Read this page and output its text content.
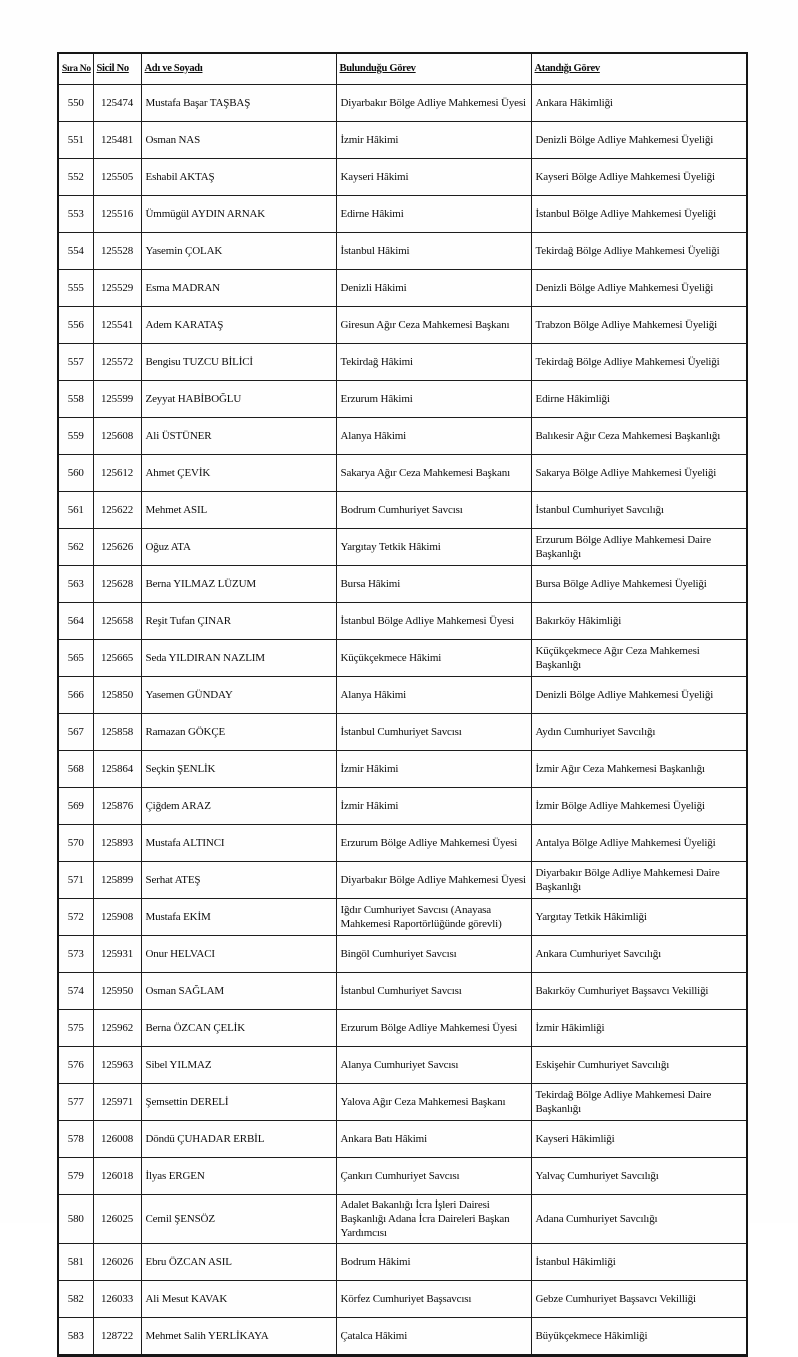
Sıra No	Sicil No	Adı ve Soyadı	Bulunduğu Görev	Atandığı Görev
550	125474	Mustafa Başar TAŞBAŞ	Diyarbakır Bölge Adliye Mahkemesi Üyesi	Ankara Hâkimliği
551	125481	Osman NAS	İzmir Hâkimi	Denizli Bölge Adliye Mahkemesi Üyeliği
552	125505	Eshabil AKTAŞ	Kayseri Hâkimi	Kayseri Bölge Adliye Mahkemesi Üyeliği
553	125516	Ümmügül AYDIN ARNAK	Edirne Hâkimi	İstanbul Bölge Adliye Mahkemesi Üyeliği
554	125528	Yasemin ÇOLAK	İstanbul Hâkimi	Tekirdağ Bölge Adliye Mahkemesi Üyeliği
555	125529	Esma MADRAN	Denizli Hâkimi	Denizli Bölge Adliye Mahkemesi Üyeliği
556	125541	Adem KARATAŞ	Giresun Ağır Ceza Mahkemesi Başkanı	Trabzon Bölge Adliye Mahkemesi Üyeliği
557	125572	Bengisu TUZCU BİLİCİ	Tekirdağ Hâkimi	Tekirdağ Bölge Adliye Mahkemesi Üyeliği
558	125599	Zeyyat HABİBOĞLU	Erzurum Hâkimi	Edirne Hâkimliği
559	125608	Ali ÜSTÜNER	Alanya Hâkimi	Balıkesir Ağır Ceza Mahkemesi Başkanlığı
560	125612	Ahmet ÇEVİK	Sakarya Ağır Ceza Mahkemesi Başkanı	Sakarya Bölge Adliye Mahkemesi Üyeliği
561	125622	Mehmet ASIL	Bodrum Cumhuriyet Savcısı	İstanbul Cumhuriyet Savcılığı
562	125626	Oğuz ATA	Yargıtay Tetkik Hâkimi	Erzurum Bölge Adliye Mahkemesi Daire Başkanlığı
563	125628	Berna YILMAZ LÜZUM	Bursa Hâkimi	Bursa Bölge Adliye Mahkemesi Üyeliği
564	125658	Reşit Tufan ÇINAR	İstanbul Bölge Adliye Mahkemesi Üyesi	Bakırköy Hâkimliği
565	125665	Seda YILDIRAN NAZLIM	Küçükçekmece Hâkimi	Küçükçekmece Ağır Ceza Mahkemesi Başkanlığı
566	125850	Yasemen GÜNDAY	Alanya Hâkimi	Denizli Bölge Adliye Mahkemesi Üyeliği
567	125858	Ramazan GÖKÇE	İstanbul Cumhuriyet Savcısı	Aydın Cumhuriyet Savcılığı
568	125864	Seçkin ŞENLİK	İzmir Hâkimi	İzmir Ağır Ceza Mahkemesi Başkanlığı
569	125876	Çiğdem ARAZ	İzmir Hâkimi	İzmir Bölge Adliye Mahkemesi Üyeliği
570	125893	Mustafa ALTINCI	Erzurum Bölge Adliye Mahkemesi Üyesi	Antalya Bölge Adliye Mahkemesi Üyeliği
571	125899	Serhat ATEŞ	Diyarbakır Bölge Adliye Mahkemesi Üyesi	Diyarbakır Bölge Adliye Mahkemesi Daire Başkanlığı
572	125908	Mustafa EKİM	Iğdır Cumhuriyet Savcısı (Anayasa Mahkemesi Raportörlüğünde görevli)	Yargıtay Tetkik Hâkimliği
573	125931	Onur HELVACI	Bingöl Cumhuriyet Savcısı	Ankara Cumhuriyet Savcılığı
574	125950	Osman SAĞLAM	İstanbul Cumhuriyet Savcısı	Bakırköy Cumhuriyet Başsavcı Vekilliği
575	125962	Berna ÖZCAN ÇELİK	Erzurum Bölge Adliye Mahkemesi Üyesi	İzmir Hâkimliği
576	125963	Sibel YILMAZ	Alanya Cumhuriyet Savcısı	Eskişehir Cumhuriyet Savcılığı
577	125971	Şemsettin DERELİ	Yalova Ağır Ceza Mahkemesi Başkanı	Tekirdağ Bölge Adliye Mahkemesi Daire Başkanlığı
578	126008	Döndü ÇUHADAR ERBİL	Ankara Batı Hâkimi	Kayseri Hâkimliği
579	126018	İlyas ERGEN	Çankırı Cumhuriyet Savcısı	Yalvaç Cumhuriyet Savcılığı
580	126025	Cemil ŞENSÖZ	Adalet Bakanlığı İcra İşleri Dairesi Başkanlığı Adana İcra Daireleri Başkan Yardımcısı	Adana Cumhuriyet Savcılığı
581	126026	Ebru ÖZCAN ASIL	Bodrum Hâkimi	İstanbul Hâkimliği
582	126033	Ali Mesut KAVAK	Körfez Cumhuriyet Başsavcısı	Gebze Cumhuriyet Başsavcı Vekilliği
583	128722	Mehmet Salih YERLİKAYA	Çatalca Hâkimi	Büyükçekmece Hâkimliği
